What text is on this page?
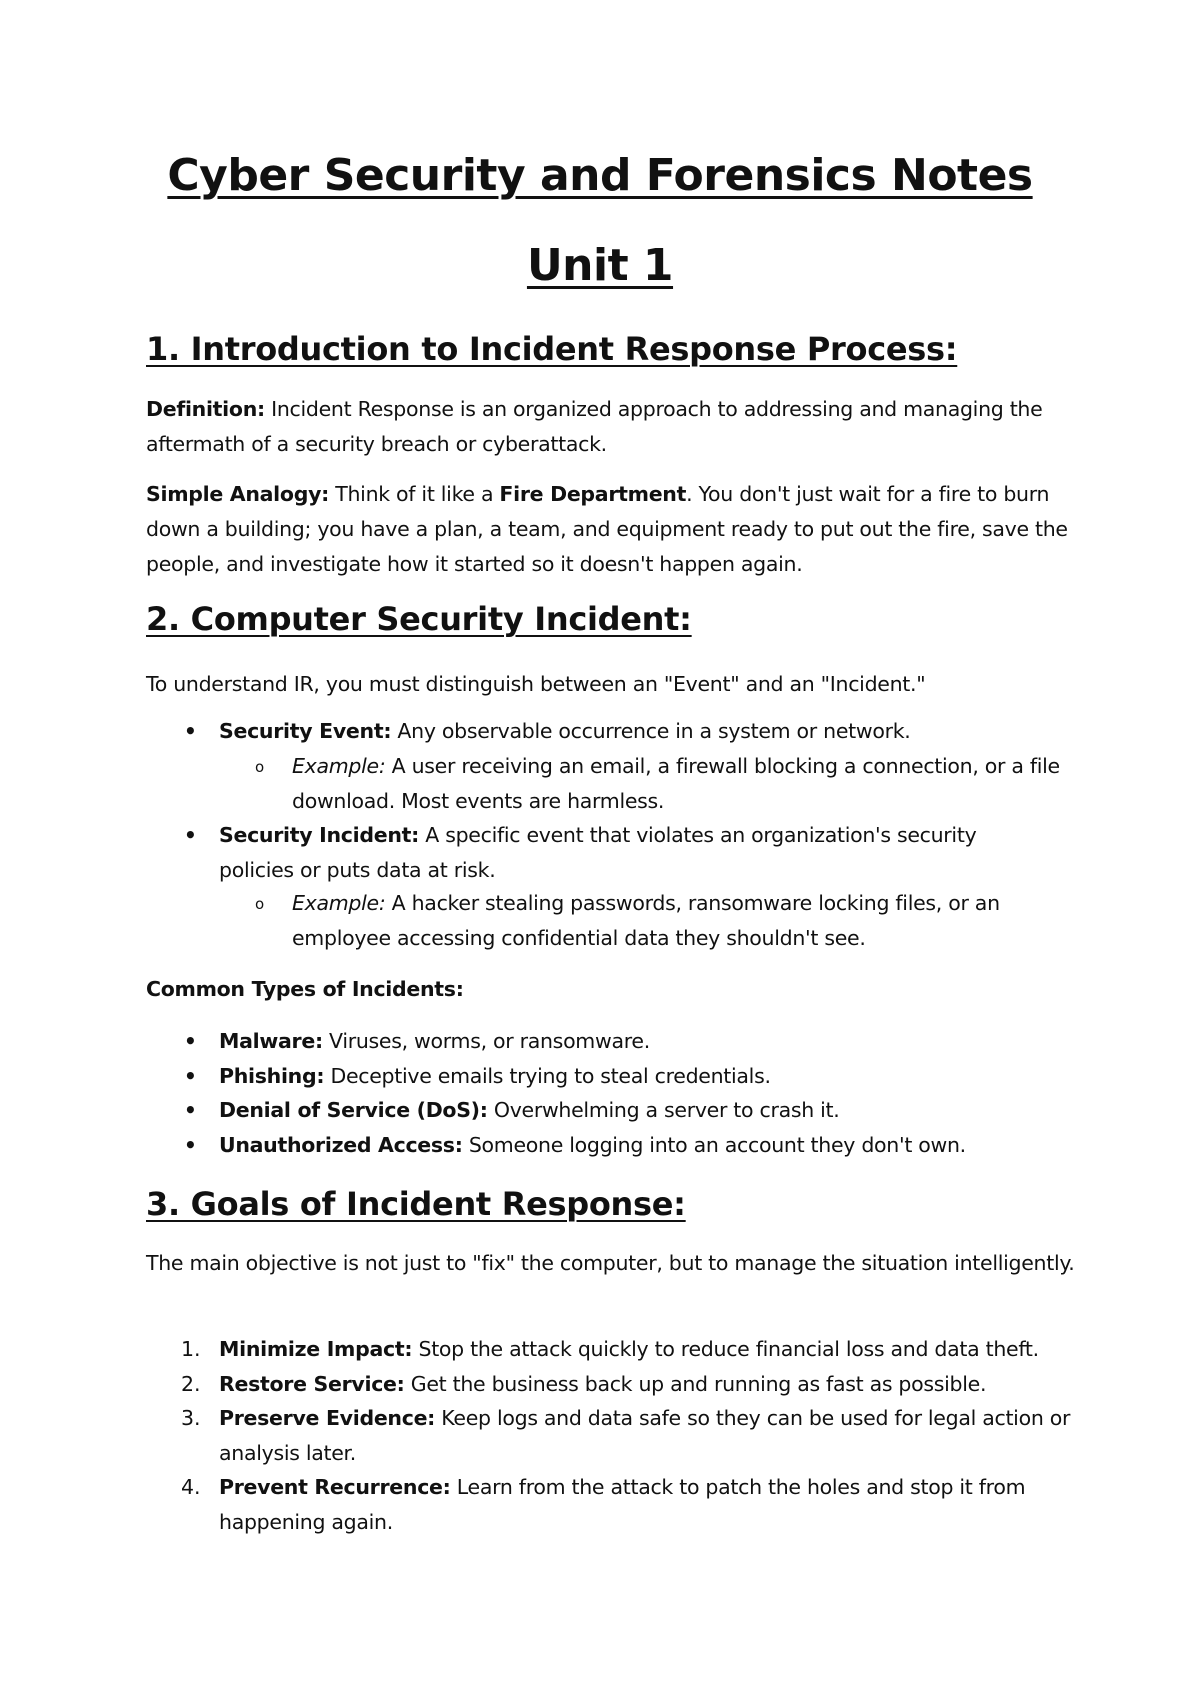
Cyber Security and Forensics Notes
Unit 1
1. Introduction to Incident Response Process:

Definition: Incident Response is an organized approach to addressing and managing the aftermath of a security breach or cyberattack.

Simple Analogy: Think of it like a Fire Department. You don't just wait for a fire to burn down a building; you have a plan, a team, and equipment ready to put out the fire, save the people, and investigate how it started so it doesn't happen again.

2. Computer Security Incident:

To understand IR, you must distinguish between an "Event" and an "Incident."

• Security Event: Any observable occurrence in a system or network.

o Example: A user receiving an email, a firewall blocking a connection, or a file download. Most events are harmless.

• Security Incident: A specific event that violates an organization's security policies or puts data at risk.

o Example: A hacker stealing passwords, ransomware locking files, or an employee accessing confidential data they shouldn't see.

Common Types of Incidents:

• Malware: Viruses, worms, or ransomware.

• Phishing: Deceptive emails trying to steal credentials.

• Denial of Service (DoS): Overwhelming a server to crash it.

• Unauthorized Access: Someone logging into an account they don't own.

3. Goals of Incident Response:

The main objective is not just to "fix" the computer, but to manage the situation intelligently.

1. Minimize Impact: Stop the attack quickly to reduce financial loss and data theft.

2. Restore Service: Get the business back up and running as fast as possible.

3. Preserve Evidence: Keep logs and data safe so they can be used for legal action or analysis later.

4. Prevent Recurrence: Learn from the attack to patch the holes and stop it from happening again.
